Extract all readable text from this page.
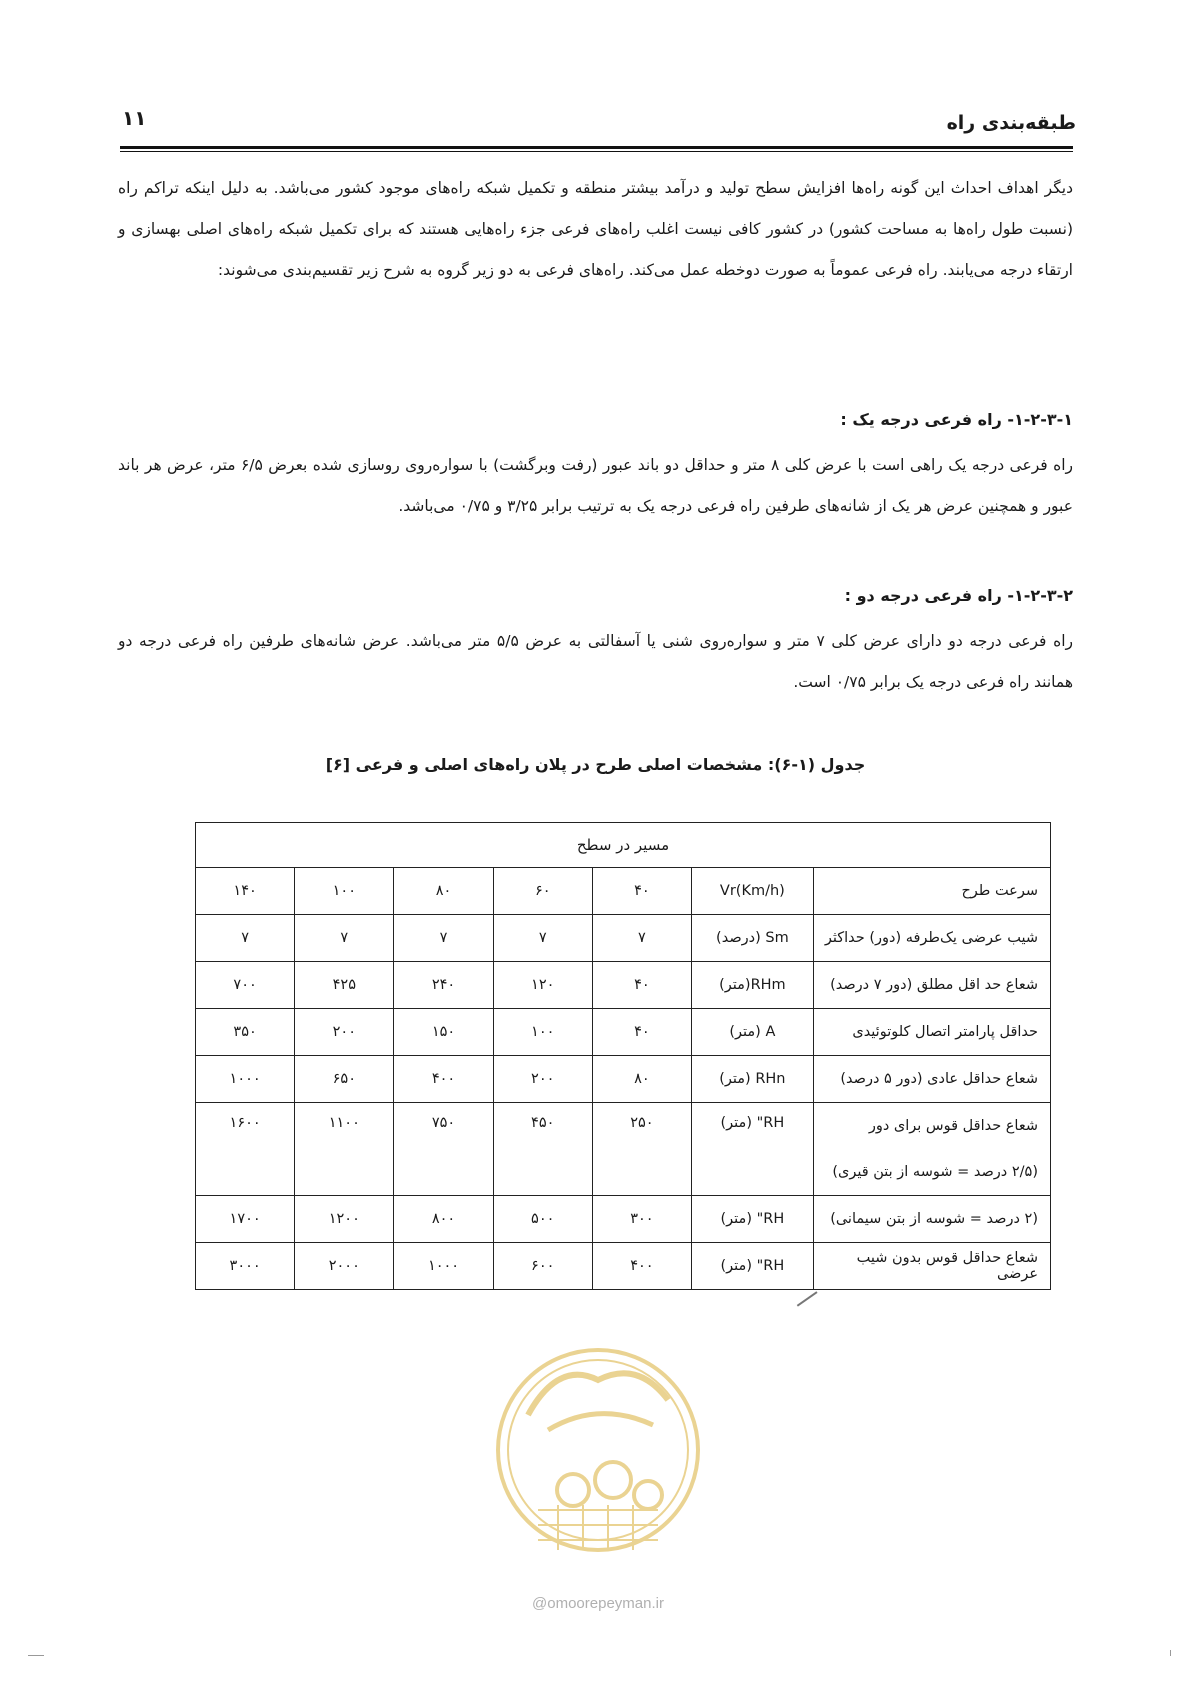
طبقه‌بندی راه
۱۱

دیگر اهداف احداث این گونه راه‌ها افزایش سطح تولید و درآمد بیشتر منطقه و تکمیل شبکه راه‌های موجود کشور می‌باشد. به دلیل اینکه تراکم راه (نسبت طول راه‌ها به مساحت کشور) در کشور کافی نیست اغلب راه‌های فرعی جزء راه‌هایی هستند که برای تکمیل شبکه راه‌های اصلی بهسازی و ارتقاء درجه می‌یابند. راه فرعی عموماً به صورت دوخطه عمل می‌کند. راه‌های فرعی به دو زیر گروه به شرح زیر تقسیم‌بندی می‌شوند:

۱-۲-۳-۱- راه فرعی درجه یک :

راه فرعی درجه یک راهی است با عرض کلی ۸ متر و حداقل دو باند عبور (رفت وبرگشت) با سواره‌روی روسازی شده بعرض ۶/۵ متر، عرض هر باند عبور و همچنین عرض هر یک از شانه‌های طرفین راه فرعی درجه یک به ترتیب برابر ۳/۲۵ و ۰/۷۵ می‌باشد.

۱-۲-۳-۲- راه فرعی درجه دو :

راه فرعی درجه دو دارای عرض کلی ۷ متر و سواره‌روی شنی یا آسفالتی به عرض ۵/۵ متر می‌باشد. عرض شانه‌های طرفین راه فرعی درجه دو همانند راه فرعی درجه یک برابر ۰/۷۵ است.

جدول (۱-۶): مشخصات اصلی طرح در پلان راه‌های اصلی و فرعی [۶]
مسیر در سطح						
سرعت طرح	Vr(Km/h)	۴۰	۶۰	۸۰	۱۰۰	۱۴۰
شیب عرضی یک‌طرفه (دور) حداکثر	Sm (درصد)	۷	۷	۷	۷	۷
شعاع حد اقل مطلق (دور ۷ درصد)	RHm(متر)	۴۰	۱۲۰	۲۴۰	۴۲۵	۷۰۰
حداقل پارامتر اتصال کلوتوئیدی	A (متر)	۴۰	۱۰۰	۱۵۰	۲۰۰	۳۵۰
شعاع حداقل عادی (دور ۵ درصد)	RHn (متر)	۸۰	۲۰۰	۴۰۰	۶۵۰	۱۰۰۰

شعاع حداقل قوس برای دور
(۲/۵ درصد = شوسه از بتن قیری)	RH" (متر)	۲۵۰	۴۵۰	۷۵۰	۱۱۰۰	۱۶۰۰
(۲ درصد = شوسه از بتن سیمانی)	RH" (متر)	۳۰۰	۵۰۰	۸۰۰	۱۲۰۰	۱۷۰۰
شعاع حداقل قوس بدون شیب عرضی	RH" (متر)	۴۰۰	۶۰۰	۱۰۰۰	۲۰۰۰	۳۰۰۰
@omoorepeyman.ir
